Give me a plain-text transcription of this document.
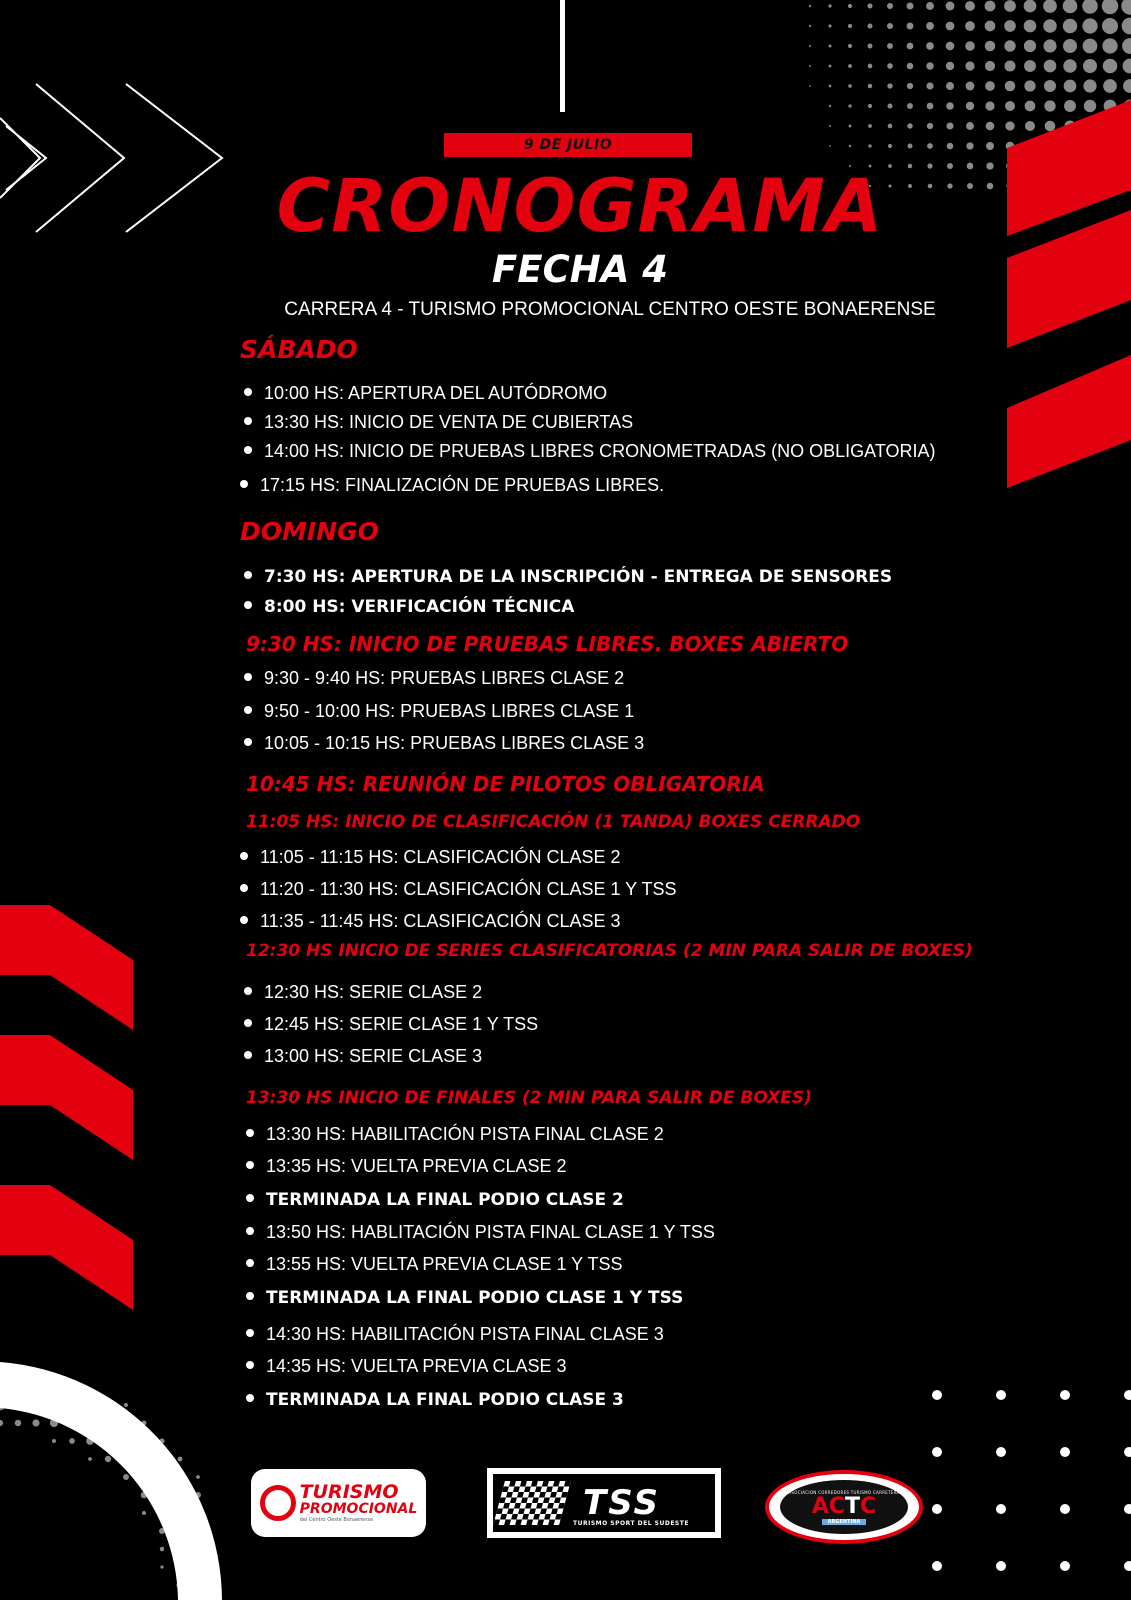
9 DE JULIO
CRONOGRAMA
FECHA 4
CARRERA 4 - TURISMO PROMOCIONAL CENTRO OESTE BONAERENSE
SÁBADO
10:00 HS: APERTURA DEL AUTÓDROMO
13:30 HS: INICIO DE VENTA DE CUBIERTAS
14:00 HS: INICIO DE PRUEBAS LIBRES CRONOMETRADAS (NO OBLIGATORIA)
17:15 HS: FINALIZACIÓN DE PRUEBAS LIBRES.
DOMINGO
7:30 HS: APERTURA DE LA INSCRIPCIÓN - ENTREGA DE SENSORES
8:00 HS: VERIFICACIÓN TÉCNICA
9:30 HS: INICIO DE PRUEBAS LIBRES. BOXES ABIERTO
9:30 - 9:40 HS: PRUEBAS LIBRES CLASE 2
9:50 - 10:00 HS: PRUEBAS LIBRES CLASE 1
10:05 - 10:15 HS: PRUEBAS LIBRES CLASE 3
10:45 HS: REUNIÓN DE PILOTOS OBLIGATORIA
11:05 HS: INICIO DE CLASIFICACIÓN (1 TANDA) BOXES CERRADO
11:05 - 11:15 HS: CLASIFICACIÓN CLASE 2
11:20 - 11:30 HS: CLASIFICACIÓN CLASE 1 Y TSS
11:35 - 11:45 HS: CLASIFICACIÓN CLASE 3
12:30 HS INICIO DE SERIES CLASIFICATORIAS (2 MIN PARA SALIR DE BOXES)
12:30 HS: SERIE CLASE 2
12:45 HS: SERIE CLASE 1 Y TSS
13:00 HS: SERIE CLASE 3
13:30 HS INICIO DE FINALES (2 MIN PARA SALIR DE BOXES)
13:30 HS: HABILITACIÓN PISTA FINAL CLASE 2
13:35 HS: VUELTA PREVIA CLASE 2
TERMINADA LA FINAL PODIO CLASE 2
13:50 HS: HABLITACIÓN PISTA FINAL CLASE 1 Y TSS
13:55 HS: VUELTA PREVIA CLASE 1 Y TSS
TERMINADA LA FINAL PODIO CLASE 1 Y TSS
14:30 HS: HABILITACIÓN PISTA FINAL CLASE 3
14:35 HS: VUELTA PREVIA CLASE 3
TERMINADA LA FINAL PODIO CLASE 3
TURISMO
PROMOCIONAL
del Centro Oeste Bonaerense	TSS
TURISMO SPORT DEL SUDESTE
ASOCIACION CORREDORES TURISMO CARRETERA
ACTC
ARGENTINA
